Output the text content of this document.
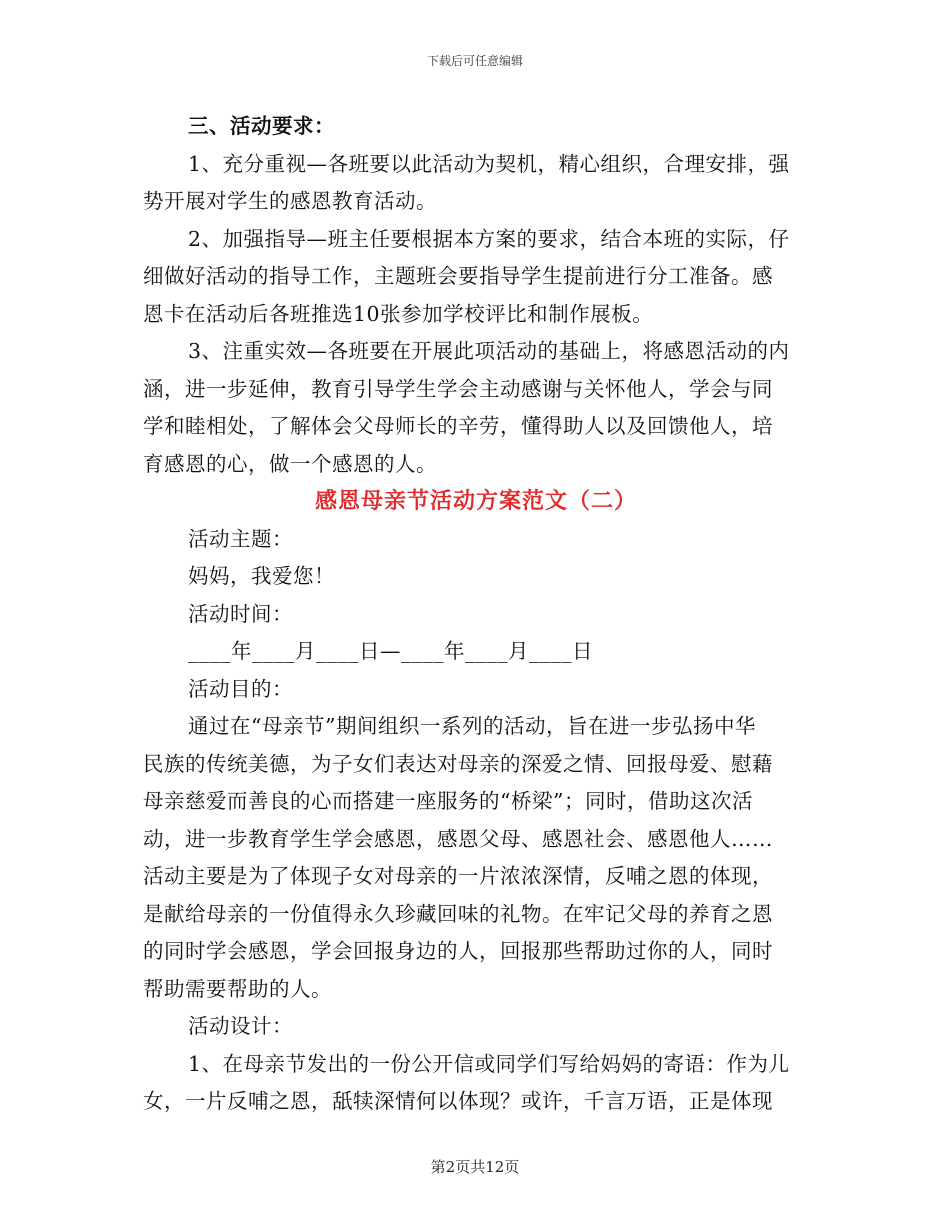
下载后可任意编辑
三、活动要求：
1、充分重视—各班要以此活动为契机，精心组织，合理安排，强
势开展对学生的感恩教育活动。
2、加强指导—班主任要根据本方案的要求，结合本班的实际，仔
细做好活动的指导工作，主题班会要指导学生提前进行分工准备。感
恩卡在活动后各班推选10张参加学校评比和制作展板。
3、注重实效—各班要在开展此项活动的基础上，将感恩活动的内
涵，进一步延伸，教育引导学生学会主动感谢与关怀他人，学会与同
学和睦相处，了解体会父母师长的辛劳，懂得助人以及回馈他人，培
育感恩的心，做一个感恩的人。
感恩母亲节活动方案范文（二）
活动主题：
妈妈，我爱您！
活动时间：
____年____月____日—____年____月____日
活动目的：
通过在“母亲节”期间组织一系列的活动，旨在进一步弘扬中华
民族的传统美德，为子女们表达对母亲的深爱之情、回报母爱、慰藉
母亲慈爱而善良的心而搭建一座服务的“桥梁”；同时，借助这次活
动，进一步教育学生学会感恩，感恩父母、感恩社会、感恩他人……
活动主要是为了体现子女对母亲的一片浓浓深情，反哺之恩的体现，
是献给母亲的一份值得永久珍藏回味的礼物。在牢记父母的养育之恩
的同时学会感恩，学会回报身边的人，回报那些帮助过你的人，同时
帮助需要帮助的人。
活动设计：
1、在母亲节发出的一份公开信或同学们写给妈妈的寄语：作为儿
女，一片反哺之恩，舐犊深情何以体现？或许，千言万语，正是体现
第2页共12页
